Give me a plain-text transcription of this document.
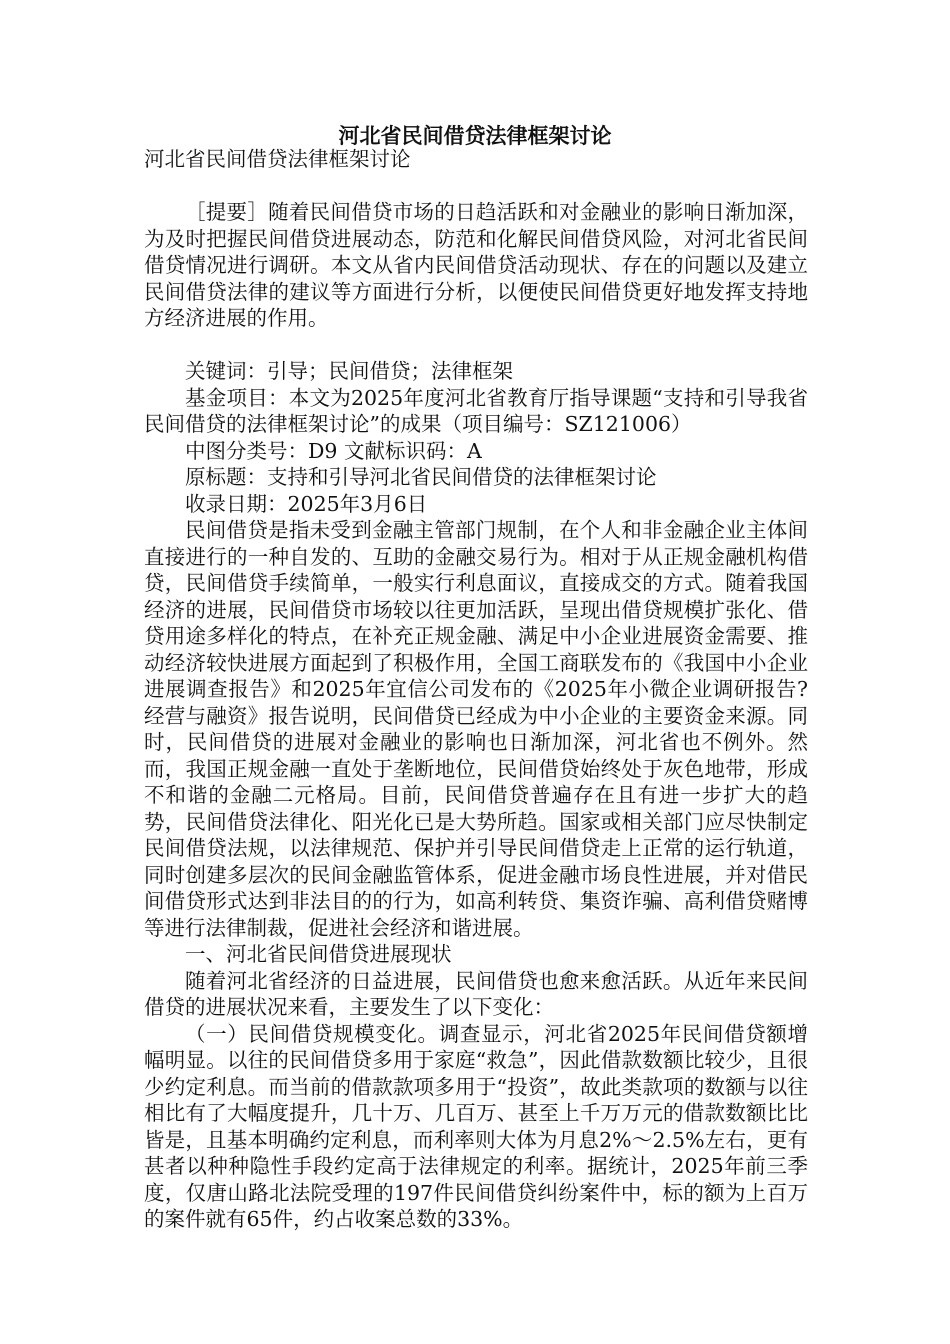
河北省民间借贷法律框架讨论

河北省民间借贷法律框架讨论

［提要］随着民间借贷市场的日趋活跃和对金融业的影响日渐加深，为及时把握民间借贷进展动态，防范和化解民间借贷风险，对河北省民间借贷情况进行调研。本文从省内民间借贷活动现状、存在的问题以及建立民间借贷法律的建议等方面进行分析，以便使民间借贷更好地发挥支持地方经济进展的作用。

关键词：引导；民间借贷；法律框架

基金项目：本文为2025年度河北省教育厅指导课题“支持和引导我省民间借贷的法律框架讨论”的成果（项目编号：SZ121006）

中图分类号：D9 文献标识码：A

原标题：支持和引导河北省民间借贷的法律框架讨论

收录日期：2025年3月6日

民间借贷是指未受到金融主管部门规制，在个人和非金融企业主体间直接进行的一种自发的、互助的金融交易行为。相对于从正规金融机构借贷，民间借贷手续简单，一般实行利息面议，直接成交的方式。随着我国经济的进展，民间借贷市场较以往更加活跃，呈现出借贷规模扩张化、借贷用途多样化的特点，在补充正规金融、满足中小企业进展资金需要、推动经济较快进展方面起到了积极作用，全国工商联发布的《我国中小企业进展调查报告》和2025年宜信公司发布的《2025年小微企业调研报告?经营与融资》报告说明，民间借贷已经成为中小企业的主要资金来源。同时，民间借贷的进展对金融业的影响也日渐加深，河北省也不例外。然而，我国正规金融一直处于垄断地位，民间借贷始终处于灰色地带，形成不和谐的金融二元格局。目前，民间借贷普遍存在且有进一步扩大的趋势，民间借贷法律化、阳光化已是大势所趋。国家或相关部门应尽快制定民间借贷法规，以法律规范、保护并引导民间借贷走上正常的运行轨道，同时创建多层次的民间金融监管体系，促进金融市场良性进展，并对借民间借贷形式达到非法目的的行为，如高利转贷、集资诈骗、高利借贷赌博等进行法律制裁，促进社会经济和谐进展。

一、河北省民间借贷进展现状

随着河北省经济的日益进展，民间借贷也愈来愈活跃。从近年来民间借贷的进展状况来看，主要发生了以下变化：

（一）民间借贷规模变化。调查显示，河北省2025年民间借贷额增幅明显。以往的民间借贷多用于家庭“救急”，因此借款数额比较少，且很少约定利息。而当前的借款款项多用于“投资”，故此类款项的数额与以往相比有了大幅度提升，几十万、几百万、甚至上千万万元的借款数额比比皆是，且基本明确约定利息，而利率则大体为月息2%～2.5%左右，更有甚者以种种隐性手段约定高于法律规定的利率。据统计，2025年前三季度，仅唐山路北法院受理的197件民间借贷纠纷案件中，标的额为上百万的案件就有65件，约占收案总数的33%。
